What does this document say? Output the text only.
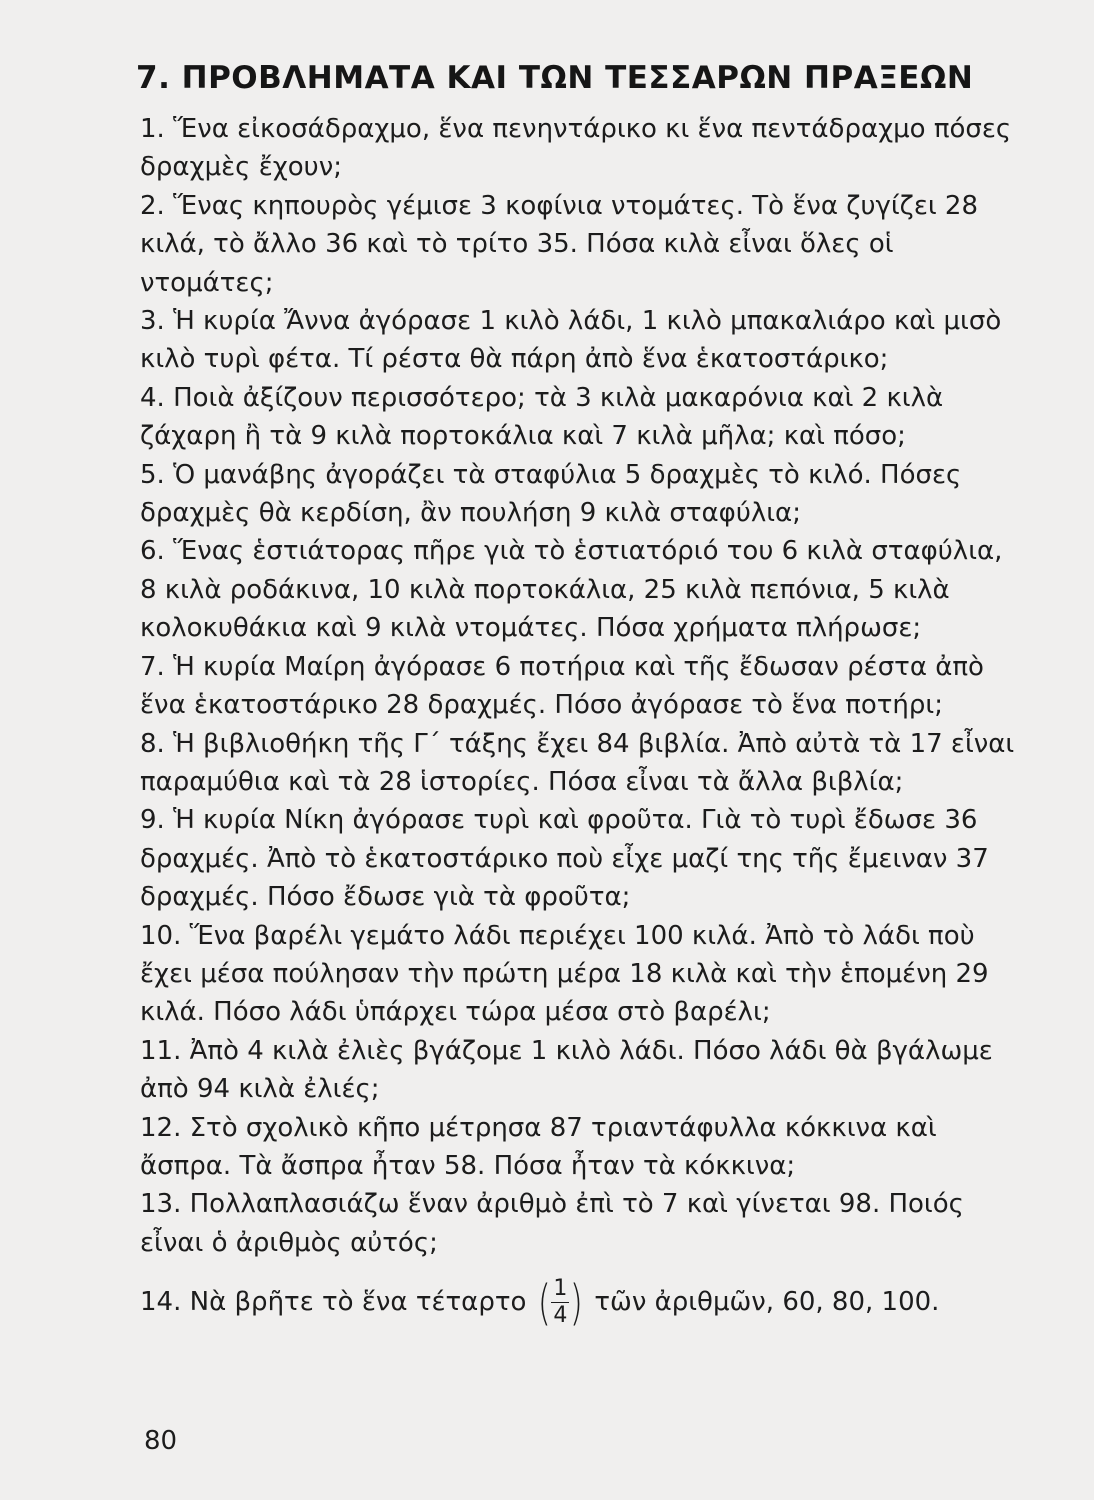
7. ΠΡΟΒΛΗΜΑΤΑ ΚΑΙ ΤΩΝ ΤΕΣΣΑΡΩΝ ΠΡΑΞΕΩΝ

1. Ἕνα εἰκοσάδραχμο, ἕνα πενηντάρικο κι ἕνα πεντάδραχμο πόσες δραχμὲς ἔχουν;

2. Ἕνας κηπουρὸς γέμισε 3 κοφίνια ντομάτες. Τὸ ἕνα ζυγίζει 28 κιλά, τὸ ἄλλο 36 καὶ τὸ τρίτο 35. Πόσα κιλὰ εἶναι ὅλες οἱ ντομάτες;

3. Ἡ κυρία Ἄννα ἀγόρασε 1 κιλὸ λάδι, 1 κιλὸ μπακαλιάρο καὶ μισὸ κιλὸ τυρὶ φέτα. Τί ρέστα θὰ πάρη ἀπὸ ἕνα ἑκατοστάρικο;

4. Ποιὰ ἀξίζουν περισσότερο; τὰ 3 κιλὰ μακαρόνια καὶ 2 κιλὰ ζάχαρη ἢ τὰ 9 κιλὰ πορτοκάλια καὶ 7 κιλὰ μῆλα; καὶ πόσο;

5. Ὁ μανάβης ἀγοράζει τὰ σταφύλια 5 δραχμὲς τὸ κιλό. Πόσες δραχμὲς θὰ κερδίση, ἂν πουλήση 9 κιλὰ σταφύλια;

6. Ἕνας ἑστιάτορας πῆρε γιὰ τὸ ἑστιατόριό του 6 κιλὰ σταφύλια, 8 κιλὰ ροδάκινα, 10 κιλὰ πορτοκάλια, 25 κιλὰ πεπόνια, 5 κιλὰ κολοκυθάκια καὶ 9 κιλὰ ντομάτες. Πόσα χρήματα πλήρωσε;

7. Ἡ κυρία Μαίρη ἀγόρασε 6 ποτήρια καὶ τῆς ἔδωσαν ρέστα ἀπὸ ἕνα ἑκατοστάρικο 28 δραχμές. Πόσο ἀγόρασε τὸ ἕνα ποτήρι;

8. Ἡ βιβλιοθήκη τῆς Γ΄ τάξης ἔχει 84 βιβλία. Ἀπὸ αὐτὰ τὰ 17 εἶναι παραμύθια καὶ τὰ 28 ἱστορίες. Πόσα εἶναι τὰ ἄλλα βιβλία;

9. Ἡ κυρία Νίκη ἀγόρασε τυρὶ καὶ φροῦτα. Γιὰ τὸ τυρὶ ἔδωσε 36 δραχμές. Ἀπὸ τὸ ἑκατοστάρικο ποὺ εἶχε μαζί της τῆς ἔμειναν 37 δραχμές. Πόσο ἔδωσε γιὰ τὰ φροῦτα;

10. Ἕνα βαρέλι γεμάτο λάδι περιέχει 100 κιλά. Ἀπὸ τὸ λάδι ποὺ ἔχει μέσα πούλησαν τὴν πρώτη μέρα 18 κιλὰ καὶ τὴν ἑπομένη 29 κιλά. Πόσο λάδι ὑπάρχει τώρα μέσα στὸ βαρέλι;

11. Ἀπὸ 4 κιλὰ ἐλιὲς βγάζομε 1 κιλὸ λάδι. Πόσο λάδι θὰ βγάλωμε ἀπὸ 94 κιλὰ ἐλιές;

12. Στὸ σχολικὸ κῆπο μέτρησα 87 τριαντάφυλλα κόκκινα καὶ ἄσπρα. Τὰ ἄσπρα ἦταν 58. Πόσα ἦταν τὰ κόκκινα;

13. Πολλαπλασιάζω ἕναν ἀριθμὸ ἐπὶ τὸ 7 καὶ γίνεται 98. Ποιός εἶναι ὁ ἀριθμὸς αὐτός;

14. Νὰ βρῆτε τὸ ἕνα τέταρτο ( $\frac{1}{4}$ ) τῶν ἀριθμῶν, 60, 80, 100.

80
